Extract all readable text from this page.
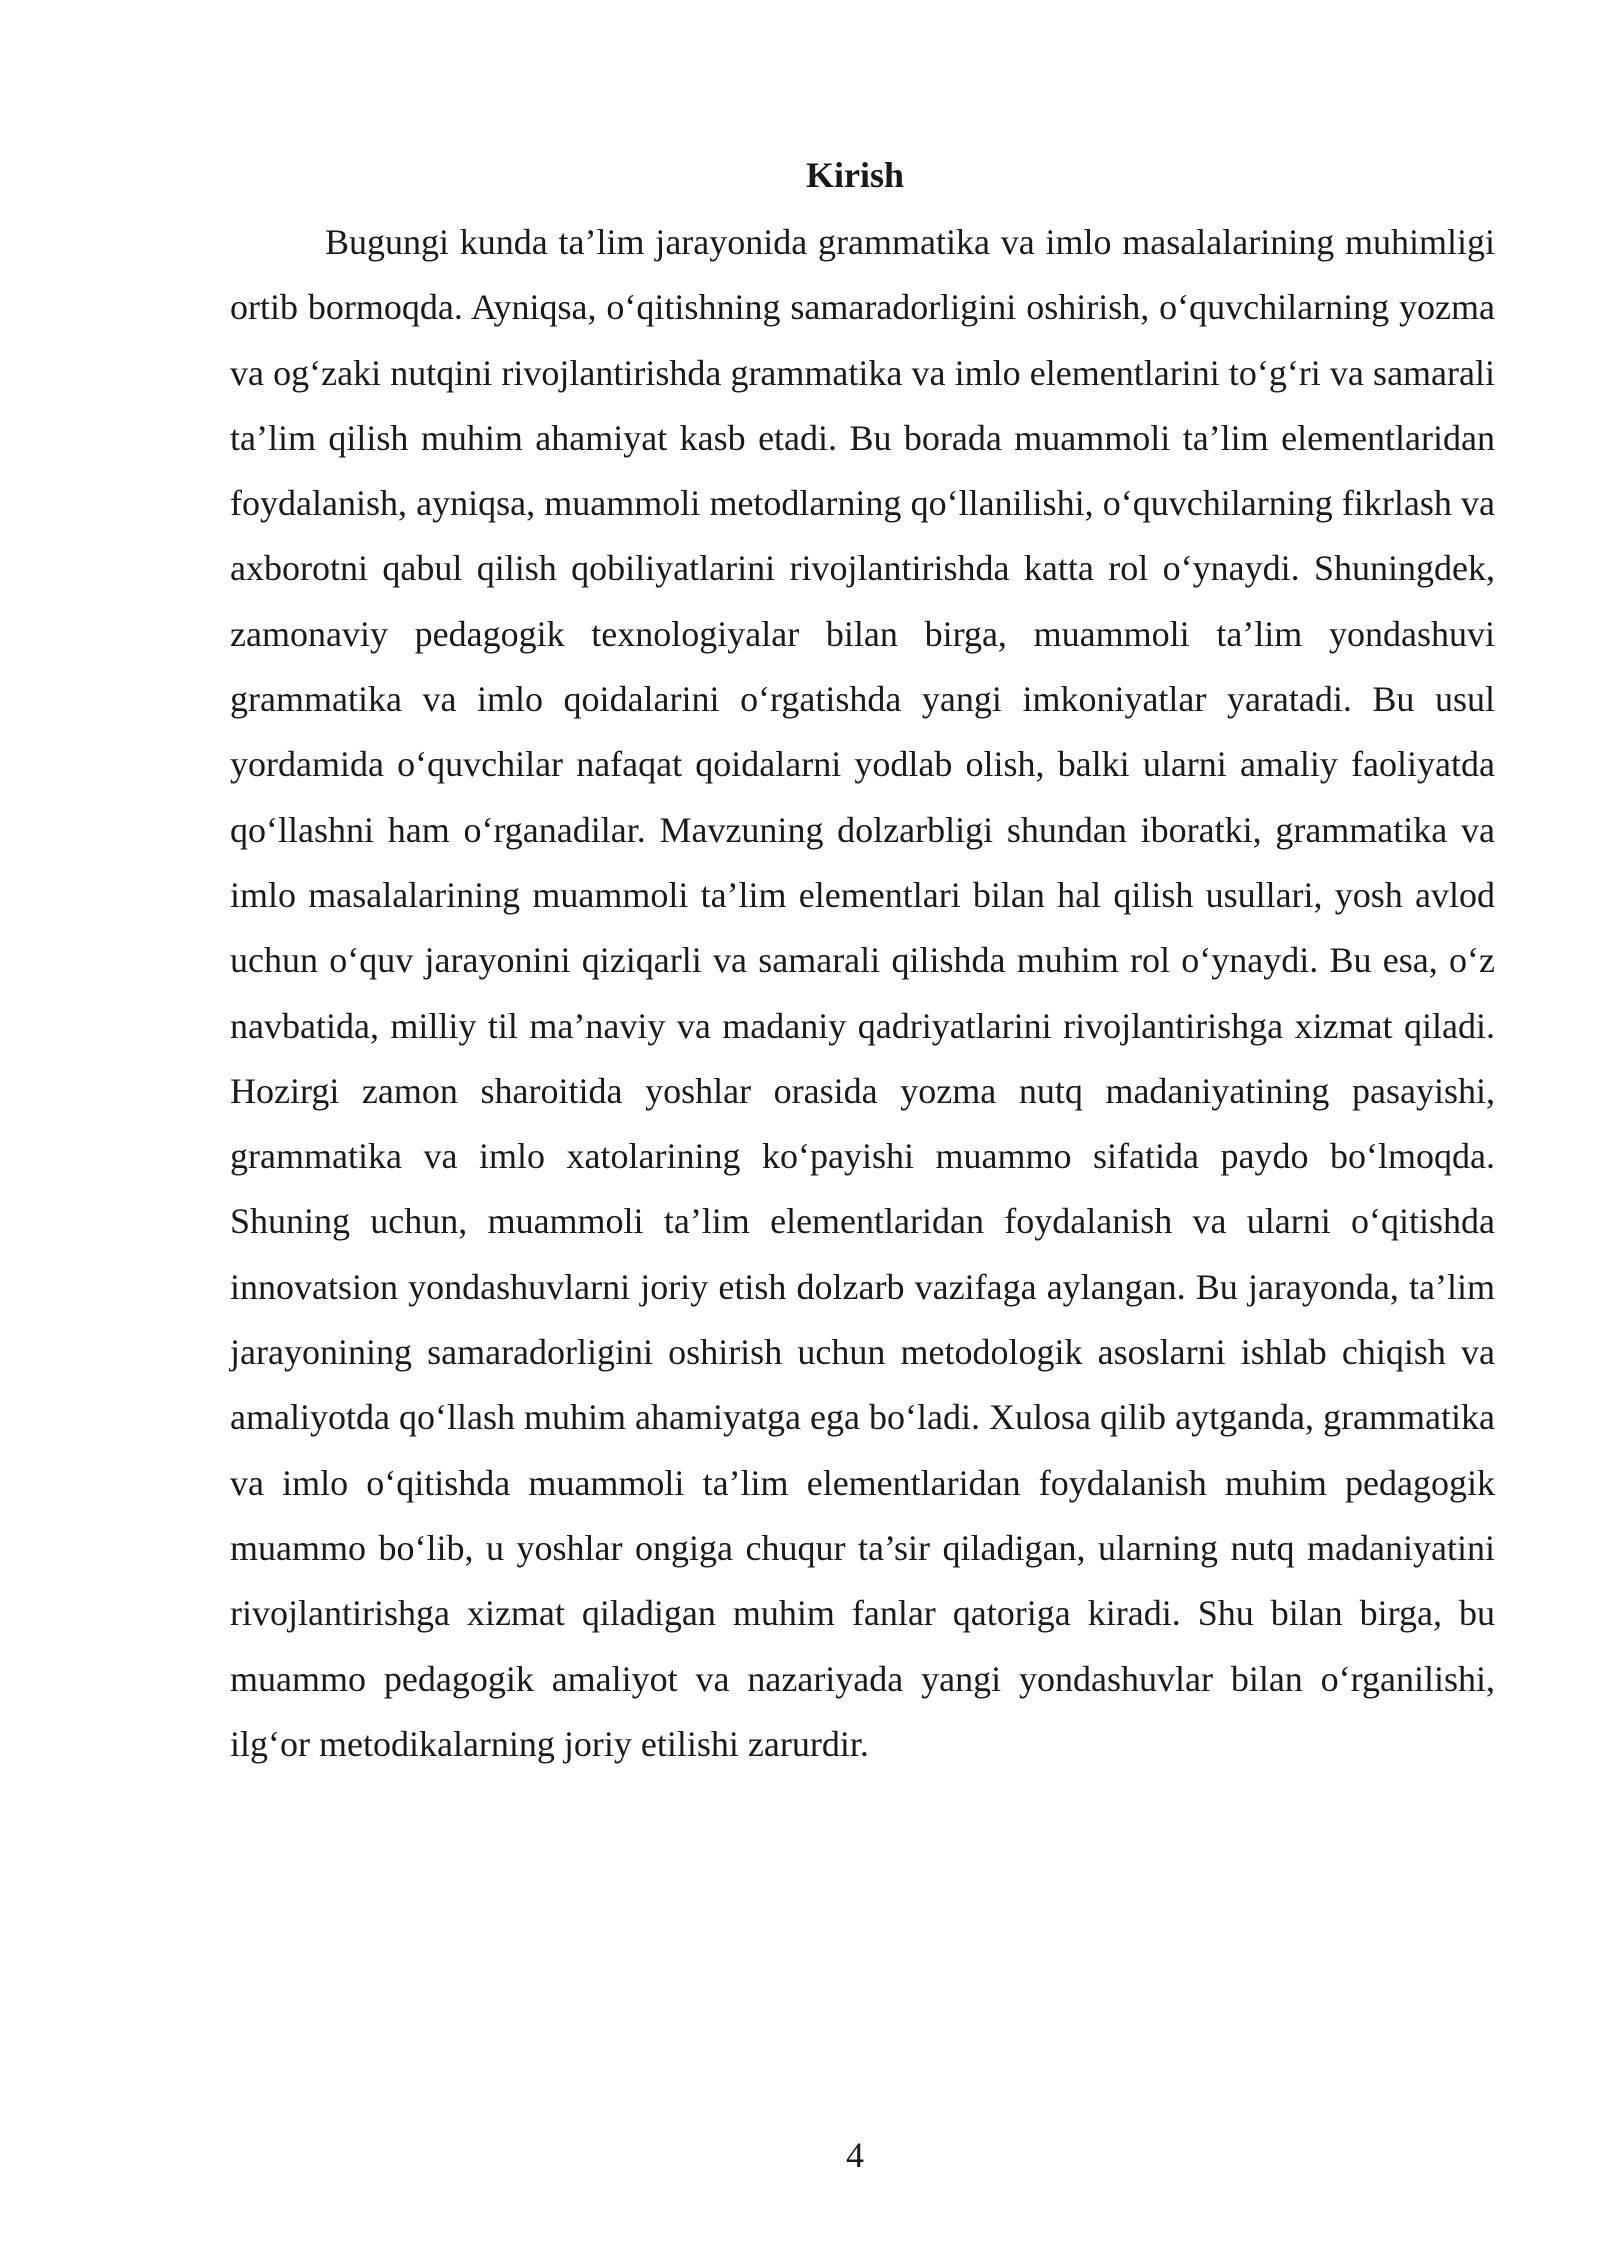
Kirish

Bugungi kunda ta’lim jarayonida grammatika va imlo masalalarining muhimligi ortib bormoqda. Ayniqsa, o‘qitishning samaradorligini oshirish, o‘quvchilarning yozma va og‘zaki nutqini rivojlantirishda grammatika va imlo elementlarini to‘g‘ri va samarali ta’lim qilish muhim ahamiyat kasb etadi. Bu borada muammoli ta’lim elementlaridan foydalanish, ayniqsa, muammoli metodlarning qo‘llanilishi, o‘quvchilarning fikrlash va axborotni qabul qilish qobiliyatlarini rivojlantirishda katta rol o‘ynaydi. Shuningdek, zamonaviy pedagogik texnologiyalar bilan birga, muammoli ta’lim yondashuvi grammatika va imlo qoidalarini o‘rgatishda yangi imkoniyatlar yaratadi. Bu usul yordamida o‘quvchilar nafaqat qoidalarni yodlab olish, balki ularni amaliy faoliyatda qo‘llashni ham o‘rganadilar. Mavzuning dolzarbligi shundan iboratki, grammatika va imlo masalalarining muammoli ta’lim elementlari bilan hal qilish usullari, yosh avlod uchun o‘quv jarayonini qiziqarli va samarali qilishda muhim rol o‘ynaydi. Bu esa, o‘z navbatida, milliy til ma’naviy va madaniy qadriyatlarini rivojlantirishga xizmat qiladi. Hozirgi zamon sharoitida yoshlar orasida yozma nutq madaniyatining pasayishi, grammatika va imlo xatolarining ko‘payishi muammo sifatida paydo bo‘lmoqda. Shuning uchun, muammoli ta’lim elementlaridan foydalanish va ularni o‘qitishda innovatsion yondashuvlarni joriy etish dolzarb vazifaga aylangan. Bu jarayonda, ta’lim jarayonining samaradorligini oshirish uchun metodologik asoslarni ishlab chiqish va amaliyotda qo‘llash muhim ahamiyatga ega bo‘ladi. Xulosa qilib aytganda, grammatika va imlo o‘qitishda muammoli ta’lim elementlaridan foydalanish muhim pedagogik muammo bo‘lib, u yoshlar ongiga chuqur ta’sir qiladigan, ularning nutq madaniyatini rivojlantirishga xizmat qiladigan muhim fanlar qatoriga kiradi. Shu bilan birga, bu muammo pedagogik amaliyot va nazariyada yangi yondashuvlar bilan o‘rganilishi, ilg‘or metodikalarning joriy etilishi zarurdir.

4
